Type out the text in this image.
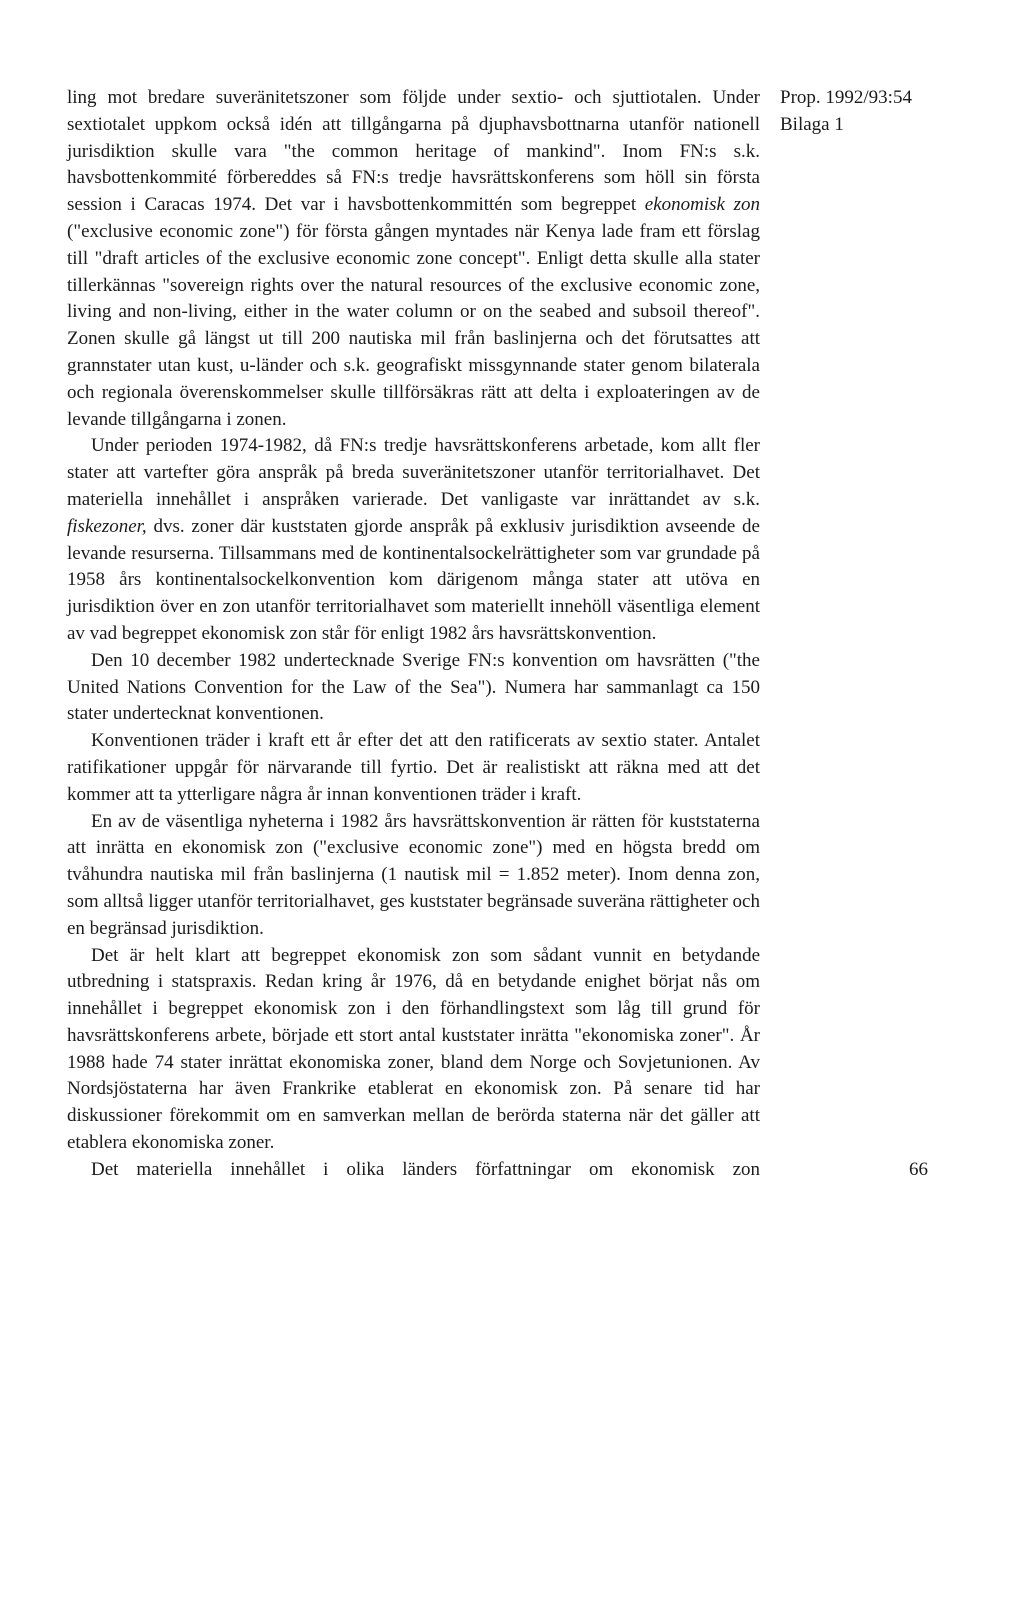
Prop. 1992/93:54
Bilaga 1

ling mot bredare suveränitetszoner som följde under sextio- och sjuttiotalen. Under sextiotalet uppkom också idén att tillgångarna på djuphavsbottnarna utanför nationell jurisdiktion skulle vara "the common heritage of mankind". Inom FN:s s.k. havsbottenkommité förbereddes så FN:s tredje havsrättskonferens som höll sin första session i Caracas 1974. Det var i havsbottenkommittén som begreppet ekonomisk zon ("exclusive economic zone") för första gången myntades när Kenya lade fram ett förslag till "draft articles of the exclusive economic zone concept". Enligt detta skulle alla stater tillerkännas "sovereign rights over the natural resources of the exclusive economic zone, living and non-living, either in the water column or on the seabed and subsoil thereof". Zonen skulle gå längst ut till 200 nautiska mil från baslinjerna och det förutsattes att grannstater utan kust, u-länder och s.k. geografiskt missgynnande stater genom bilaterala och regionala överenskommelser skulle tillförsäkras rätt att delta i exploateringen av de levande tillgångarna i zonen.

Under perioden 1974-1982, då FN:s tredje havsrättskonferens arbetade, kom allt fler stater att vartefter göra anspråk på breda suveränitetszoner utanför territorialhavet. Det materiella innehållet i anspråken varierade. Det vanligaste var inrättandet av s.k. fiskezoner, dvs. zoner där kuststaten gjorde anspråk på exklusiv jurisdiktion avseende de levande resurserna. Tillsammans med de kontinentalsockelrättigheter som var grundade på 1958 års kontinentalsockelkonvention kom därigenom många stater att utöva en jurisdiktion över en zon utanför territorialhavet som materiellt innehöll väsentliga element av vad begreppet ekonomisk zon står för enligt 1982 års havsrättskonvention.

Den 10 december 1982 undertecknade Sverige FN:s konvention om havsrätten ("the United Nations Convention for the Law of the Sea"). Numera har sammanlagt ca 150 stater undertecknat konventionen.

Konventionen träder i kraft ett år efter det att den ratificerats av sextio stater. Antalet ratifikationer uppgår för närvarande till fyrtio. Det är realistiskt att räkna med att det kommer att ta ytterligare några år innan konventionen träder i kraft.

En av de väsentliga nyheterna i 1982 års havsrättskonvention är rätten för kuststaterna att inrätta en ekonomisk zon ("exclusive economic zone") med en högsta bredd om tvåhundra nautiska mil från baslinjerna (1 nautisk mil = 1.852 meter). Inom denna zon, som alltså ligger utanför territorialhavet, ges kuststater begränsade suveräna rättigheter och en begränsad jurisdiktion.

Det är helt klart att begreppet ekonomisk zon som sådant vunnit en betydande utbredning i statspraxis. Redan kring år 1976, då en betydande enighet börjat nås om innehållet i begreppet ekonomisk zon i den förhandlingstext som låg till grund för havsrättskonferens arbete, började ett stort antal kuststater inrätta "ekonomiska zoner". År 1988 hade 74 stater inrättat ekonomiska zoner, bland dem Norge och Sovjetunionen. Av Nordsjöstaterna har även Frankrike etablerat en ekonomisk zon. På senare tid har diskussioner förekommit om en samverkan mellan de berörda staterna när det gäller att etablera ekonomiska zoner.

Det materiella innehållet i olika länders författningar om ekonomisk zon	66
